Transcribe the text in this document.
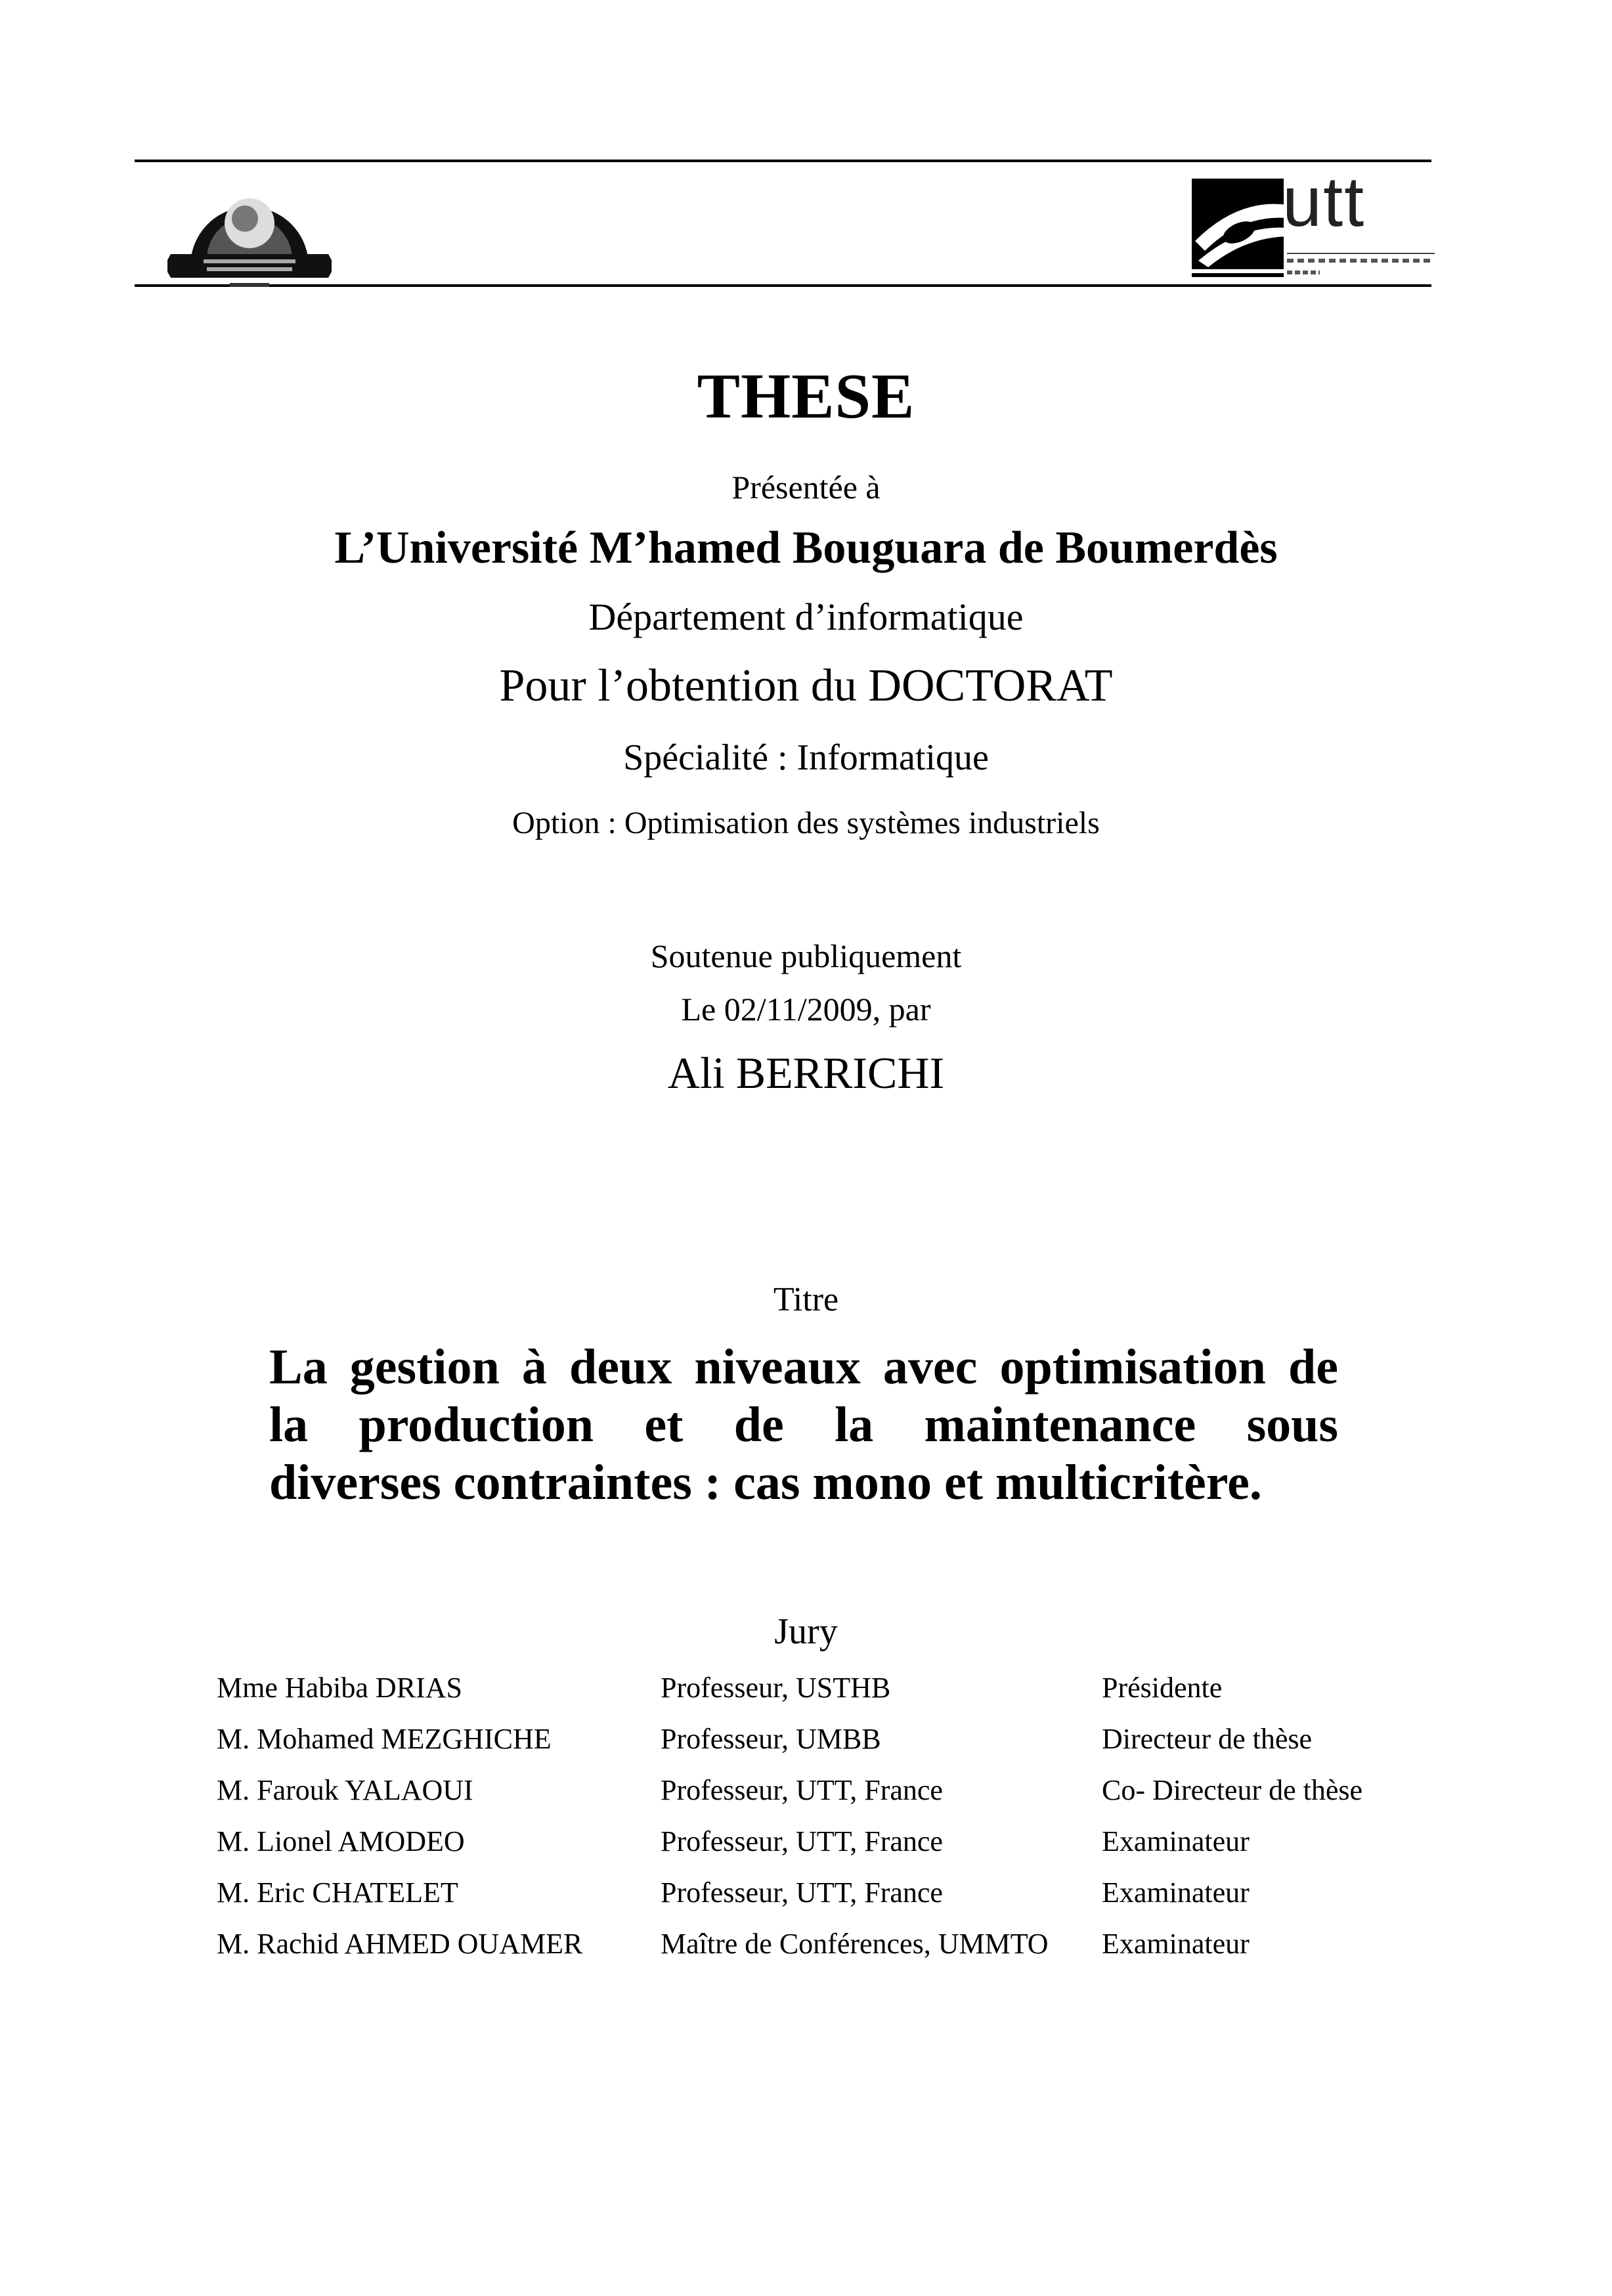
utt
THESE
Présentée à
L’Université M’hamed Bouguara de Boumerdès
Département d’informatique
Pour l’obtention du DOCTORAT
Spécialité : Informatique
Option : Optimisation des systèmes industriels
Soutenue publiquement
Le 02/11/2009, par
Ali BERRICHI
Titre
La gestion à deux niveaux avec optimisation de
la production et de la maintenance sous
diverses contraintes : cas mono et multicritère.
Jury
Mme Habiba DRIAS	Professeur, USTHB	Présidente
M. Mohamed MEZGHICHE	Professeur, UMBB	Directeur de thèse
M. Farouk YALAOUI	Professeur, UTT, France	Co- Directeur de thèse
M. Lionel AMODEO	Professeur, UTT, France	Examinateur
M. Eric CHATELET	Professeur, UTT, France	Examinateur
M. Rachid AHMED OUAMER	Maître de Conférences, UMMTO	Examinateur
